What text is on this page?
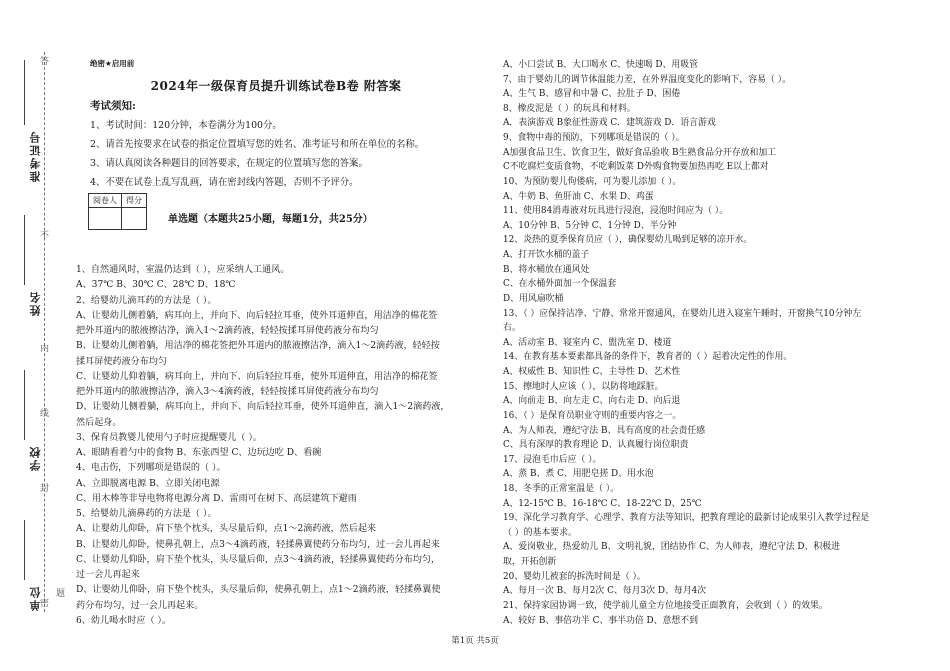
准考证号
姓名
学校
单位
密
封
线
内
不
答
题
绝密★启用前
2024年一级保育员提升训练试卷B卷 附答案
考试须知:
1、考试时间：120分钟，本卷满分为100分。
2、请首先按要求在试卷的指定位置填写您的姓名、准考证号和所在单位的名称。
3、请认真阅读各种题目的回答要求，在规定的位置填写您的答案。
4、不要在试卷上乱写乱画，请在密封线内答题，否则不予评分。
阅卷人	得分

单选题（本题共25小题，每题1分，共25分）
1、自然通风时，室温仍达到（ ），应采纳人工通风。
A、37℃ B、30℃ C、28℃ D、18℃
2、给婴幼儿滴耳药的方法是（ ）。
A、让婴幼儿侧着躺，病耳向上，并向下、向后轻拉耳垂，使外耳道伸直，用洁净的棉花签
把外耳道内的脓液擦洁净，滴入1～2滴药液，轻轻按揉耳屏使药液分布均匀
B、让婴幼儿侧着躺，用洁净的棉花签把外耳道内的脓液擦洁净，滴入1～2滴药液，轻轻按
揉耳屏使药液分布均匀
C、让婴幼儿仰着躺，病耳向上，并向下、向后轻拉耳垂，使外耳道伸直，用洁净的棉花签
把外耳道内的脓液擦洁净，滴入3～4滴药液，轻轻按揉耳屏使药液分布均匀
D、让婴幼儿侧着躺，病耳向上，并向下、向后轻拉耳垂，使外耳道伸直，滴入1～2滴药液，
然后起身。
3、保育员教婴儿使用勺子时应提醒婴儿（ ）。
A、眼睛看着勺中的食物 B、东张西望 C、边玩边吃 D、看碗
4、电击伤，下列哪项是错误的（ ）。
A、立即脱离电源 B、立即关闭电源
C、用木棒等非导电物将电源分离 D、雷雨可在树下、高层建筑下避雨
5、给婴幼儿滴鼻药的方法是（ ）。
A、让婴幼儿仰卧，肩下垫个枕头，头尽量后仰，点1～2滴药液，然后起来
B、让婴幼儿仰卧，使鼻孔朝上，点3～4滴药液，轻揉鼻翼使药分布均匀，过一会儿再起来
C、让婴幼儿仰卧，肩下垫个枕头，头尽量后仰，点3～4滴药液，轻揉鼻翼使药分布均匀，
过一会儿再起来
D、让婴幼儿仰卧，肩下垫个枕头，头尽量后仰，使鼻孔朝上，点1～2滴药液，轻揉鼻翼使
药分布均匀，过一会儿再起来。
6、幼儿喝水时应（ ）。
A、小口尝试 B、大口喝水 C、快速喝 D、用吸管
7、由于婴幼儿的调节体温能力差，在外界温度变化的影响下，容易（ ）。
A、生气 B、感冒和中暑 C、拉肚子 D、困倦
8、橡皮泥是（ ）的玩具和材料。
A．表演游戏 B象征性游戏 C．建筑游戏 D．语言游戏
9、食物中毒的预防，下列哪项是错误的（ ）。
A加强食品卫生、饮食卫生，做好食品验收 B生熟食品分开存放和加工
C不吃腐烂变质食物，不吃剩饭菜 D外购食物要加热再吃 E以上都对
10、为预防婴儿佝偻病，可为婴儿添加（ ）。
A、牛奶 B、鱼肝油 C、水果 D、鸡蛋
11、使用84消毒液对玩具进行浸泡，浸泡时间应为（ ）。
A、10分钟 B、5分钟 C、1分钟 D、半分钟
12、炎热的夏季保育员应（ ），确保婴幼儿喝到足够的凉开水。
A、打开饮水桶的盖子
B、将水桶放在通风处
C、在水桶外面加一个保温套
D、用风扇吹桶
13、（ ）应保持洁净、宁静、常常开窗通风，在婴幼儿进入寝室午睡时，开窗换气10分钟左
右。
A、活动室 B、寝室内 C、盥洗室 D、楼道
14、在教育基本要素都具备的条件下，教育者的（ ）起着决定性的作用。
A、权威性 B、知识性 C、主导性 D、艺术性
15、擦地时人应该（ ），以防将地踩脏。
A、向前走 B、向左走 C、向右走 D、向后退
16、（ ）是保育员职业守则的重要内容之一。
A、为人师表，遵纪守法 B、具有高度的社会责任感
C、具有深厚的教育理论 D、认真履行岗位职责
17、浸泡毛巾后应（ ）。
A、蒸 B、煮 C、用肥皂搓 D、用水泡
18、冬季的正常室温是（ ）。
A、12-15℃ B、16-18℃ C、18-22℃ D、25℃
19、深化学习教育学、心理学、教育方法等知识，把教育理论的最新讨论成果引入教学过程是
（ ）的基本要求。
A、爱岗敬业，热爱幼儿 B、文明礼貌，团结协作 C、为人师表，遵纪守法 D、积极进
取，开拓创新
20、婴幼儿被套的拆洗时间是（ ）。
A、每月一次 B、每月2次 C、每月3次 D、每月4次
21、保持家园协调一致，使学前儿童全方位地接受正面教育，会收到（ ）的效果。
A、较好 B、事倍功半 C、事半功倍 D、意想不到
第1页 共5页
